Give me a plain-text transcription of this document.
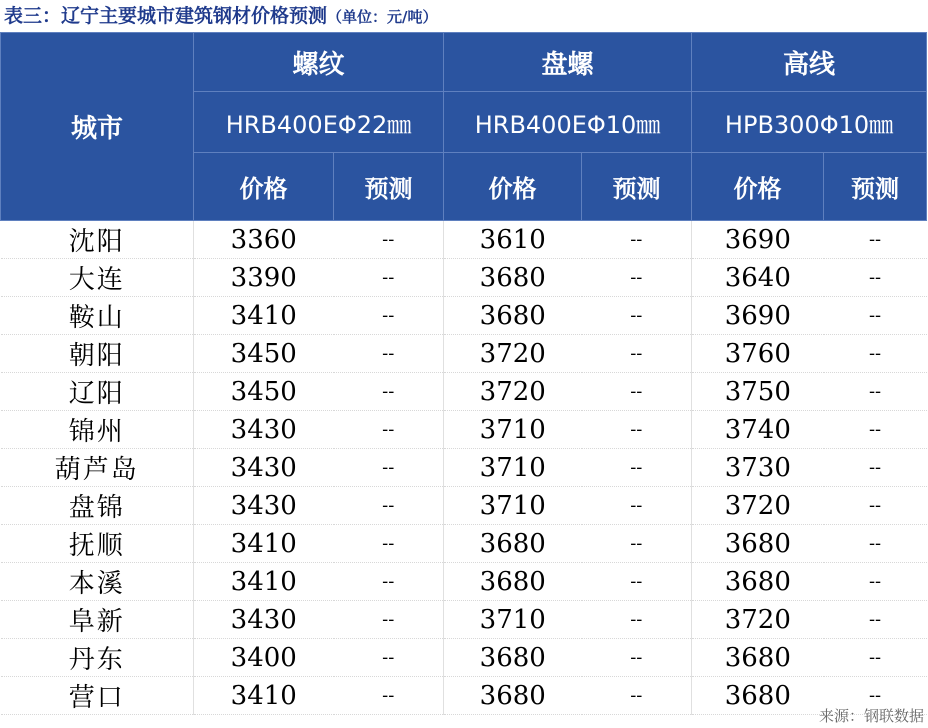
表三：辽宁主要城市建筑钢材价格预测（单位：元/吨）
城市	螺纹		盘螺		高线	
	HRB400EΦ22㎜		HRB400EΦ10㎜		HPB300Φ10㎜	
	价格	预测	价格	预测	价格	预测
沈阳	3360	--	3610	--	3690	--
大连	3390	--	3680	--	3640	--
鞍山	3410	--	3680	--	3690	--
朝阳	3450	--	3720	--	3760	--
辽阳	3450	--	3720	--	3750	--
锦州	3430	--	3710	--	3740	--
葫芦岛	3430	--	3710	--	3730	--
盘锦	3430	--	3710	--	3720	--
抚顺	3410	--	3680	--	3680	--
本溪	3410	--	3680	--	3680	--
阜新	3430	--	3710	--	3720	--
丹东	3400	--	3680	--	3680	--
营口	3410	--	3680	--	3680	--
来源：钢联数据
